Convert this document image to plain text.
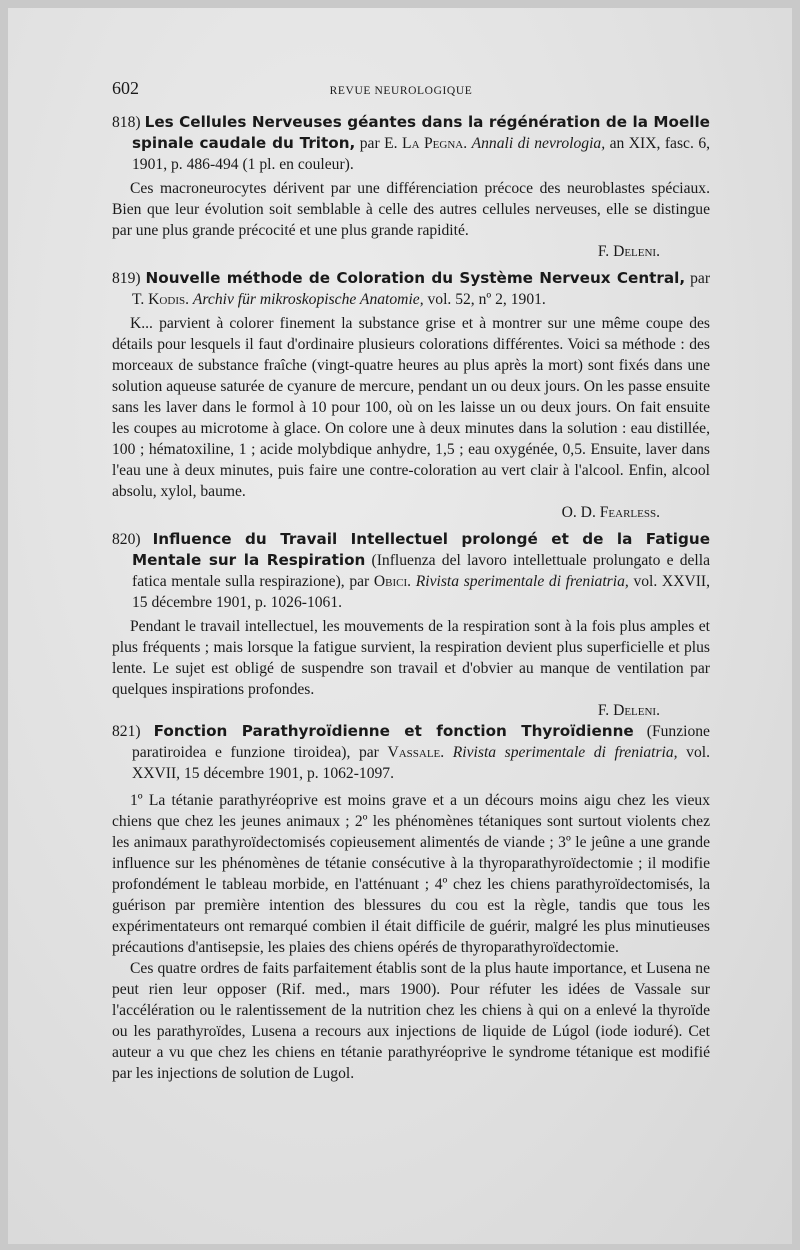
602	REVUE NEUROLOGIQUE

818) Les Cellules Nerveuses géantes dans la régénération de la Moelle spinale caudale du Triton, par E. La Pegna. Annali di nevrologia, an XIX, fasc. 6, 1901, p. 486-494 (1 pl. en couleur).

Ces macroneurocytes dérivent par une différenciation précoce des neuroblastes spéciaux. Bien que leur évolution soit semblable à celle des autres cellules nerveuses, elle se distingue par une plus grande précocité et une plus grande rapidité.

F. Deleni.

819) Nouvelle méthode de Coloration du Système Nerveux Central, par T. Kodis. Archiv für mikroskopische Anatomie, vol. 52, nº 2, 1901.

K... parvient à colorer finement la substance grise et à montrer sur une même coupe des détails pour lesquels il faut d'ordinaire plusieurs colorations différentes. Voici sa méthode : des morceaux de substance fraîche (vingt-quatre heures au plus après la mort) sont fixés dans une solution aqueuse saturée de cyanure de mercure, pendant un ou deux jours. On les passe ensuite sans les laver dans le formol à 10 pour 100, où on les laisse un ou deux jours. On fait ensuite les coupes au microtome à glace. On colore une à deux minutes dans la solution : eau distillée, 100 ; hématoxiline, 1 ; acide molybdique anhydre, 1,5 ; eau oxygénée, 0,5. Ensuite, laver dans l'eau une à deux minutes, puis faire une contre-coloration au vert clair à l'alcool. Enfin, alcool absolu, xylol, baume.

O. D. Fearless.

820) Influence du Travail Intellectuel prolongé et de la Fatigue Mentale sur la Respiration (Influenza del lavoro intellettuale prolungato e della fatica mentale sulla respirazione), par Obici. Rivista sperimentale di freniatria, vol. XXVII, 15 décembre 1901, p. 1026-1061.

Pendant le travail intellectuel, les mouvements de la respiration sont à la fois plus amples et plus fréquents ; mais lorsque la fatigue survient, la respiration devient plus superficielle et plus lente. Le sujet est obligé de suspendre son travail et d'obvier au manque de ventilation par quelques inspirations profondes.

F. Deleni.

821) Fonction Parathyroïdienne et fonction Thyroïdienne (Funzione paratiroidea e funzione tiroidea), par Vassale. Rivista sperimentale di freniatria, vol. XXVII, 15 décembre 1901, p. 1062-1097.

1º La tétanie parathyréoprive est moins grave et a un décours moins aigu chez les vieux chiens que chez les jeunes animaux ; 2º les phénomènes tétaniques sont surtout violents chez les animaux parathyroïdectomisés copieusement alimentés de viande ; 3º le jeûne a une grande influence sur les phénomènes de tétanie consécutive à la thyroparathyroïdectomie ; il modifie profondément le tableau morbide, en l'atténuant ; 4º chez les chiens parathyroïdectomisés, la guérison par première intention des blessures du cou est la règle, tandis que tous les expérimentateurs ont remarqué combien il était difficile de guérir, malgré les plus minutieuses précautions d'antisepsie, les plaies des chiens opérés de thyroparathyroïdectomie.

Ces quatre ordres de faits parfaitement établis sont de la plus haute importance, et Lusena ne peut rien leur opposer (Rif. med., mars 1900). Pour réfuter les idées de Vassale sur l'accélération ou le ralentissement de la nutrition chez les chiens à qui on a enlevé la thyroïde ou les parathyroïdes, Lusena a recours aux injections de liquide de Lúgol (iode ioduré). Cet auteur a vu que chez les chiens en tétanie parathyréoprive le syndrome tétanique est modifié par les injections de solution de Lugol.
